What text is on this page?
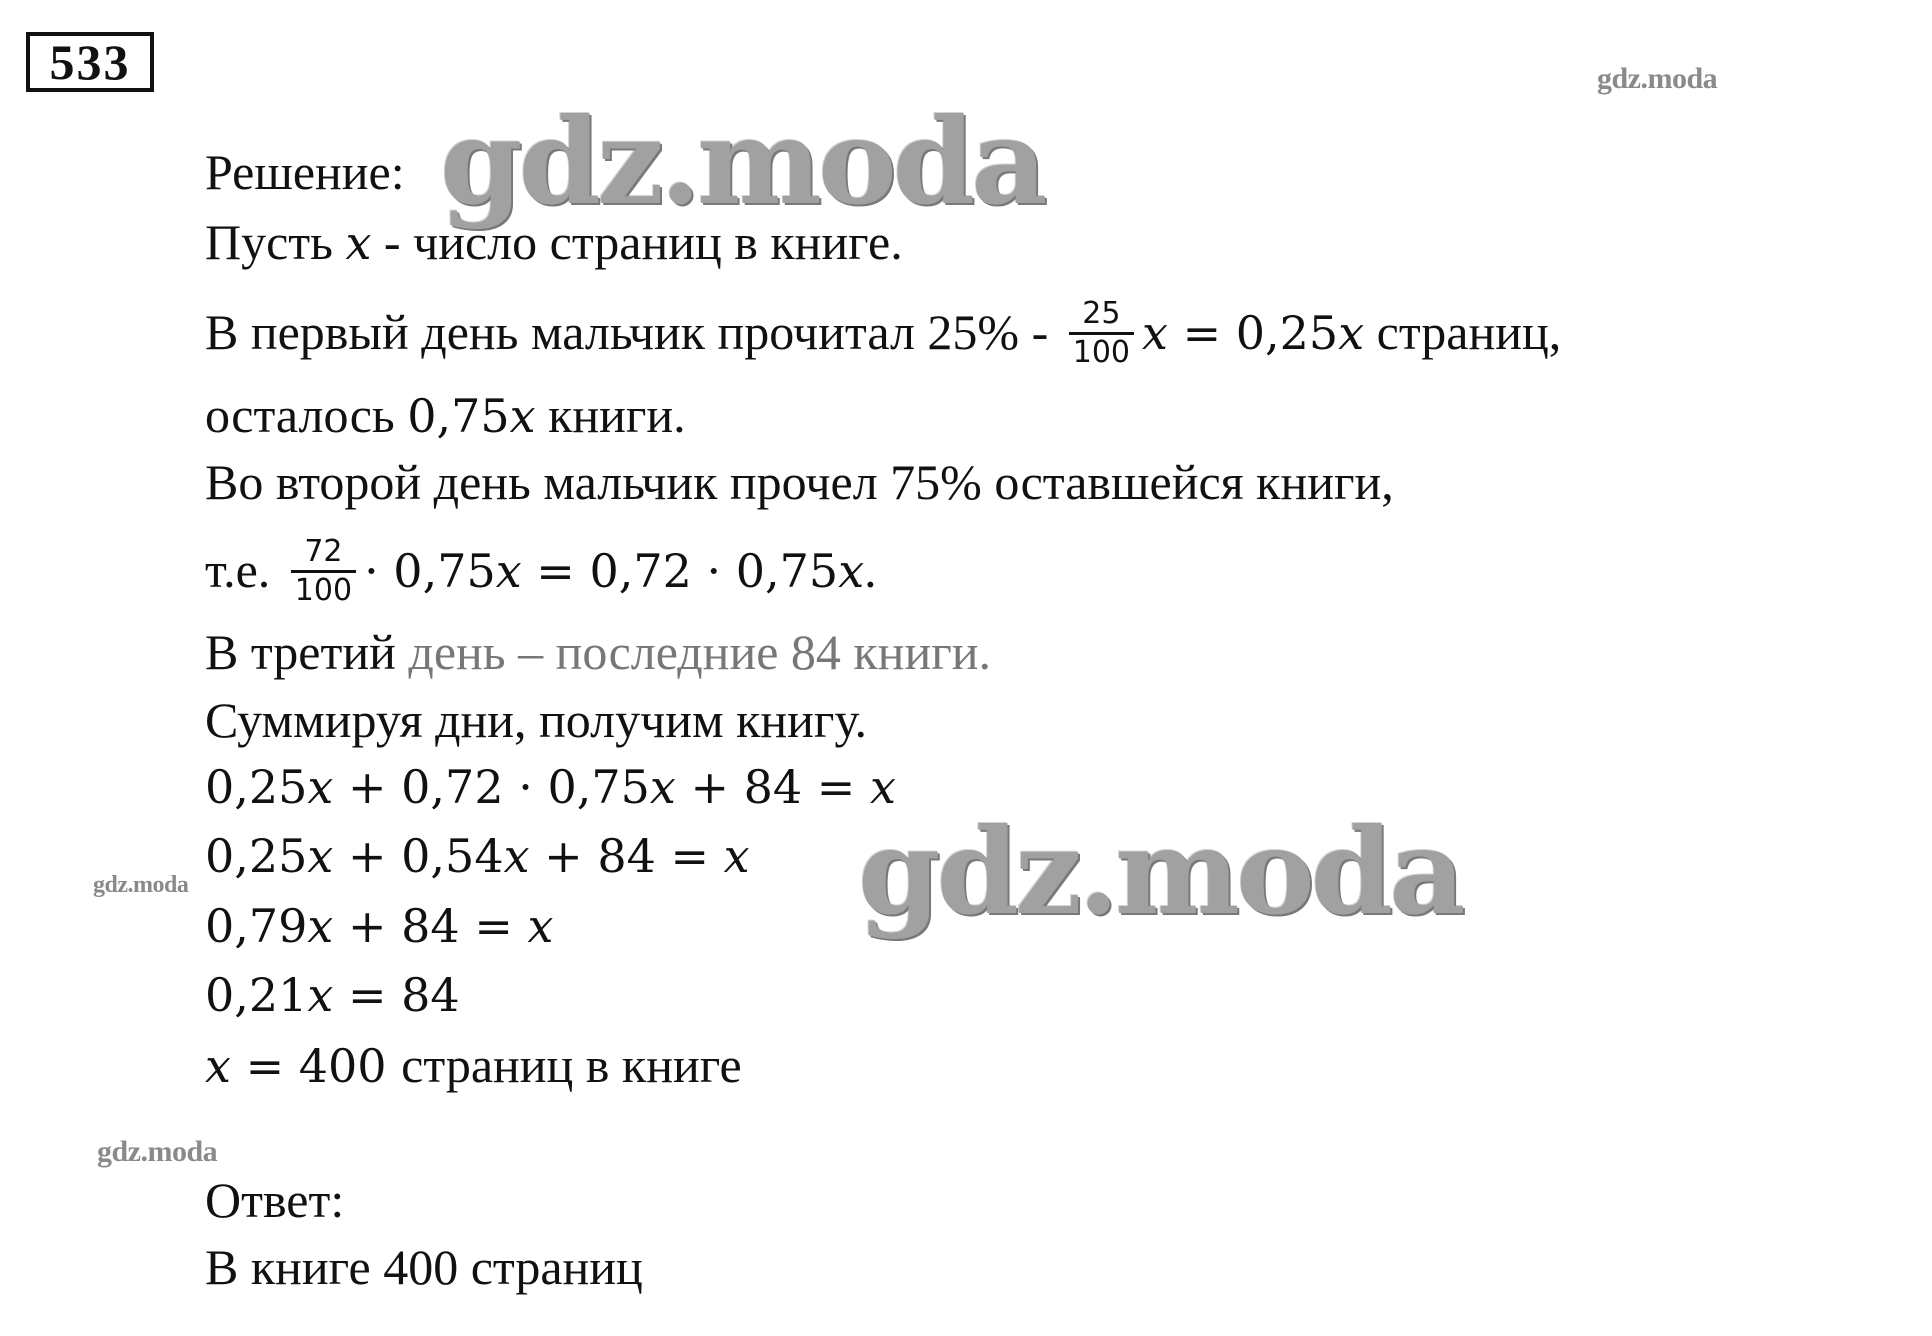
533	gdz.moda
gdz.moda
gdz.moda
Решение:
Пусть x - число страниц в книге.
В первый день мальчик прочитал $25\% - \frac{25}{100}$ x = 0,25x страниц,
осталось 0,75x книги.
Во второй день мальчик прочел 75% оставшейся книги,
т.е. $\frac{72}{100} \cdot 0,75x = 0,72 \cdot 0,75x$.
В третий день – последние 84 книги.
Суммируя дни, получим книгу.
0,25x + 0,72 · 0,75x + 84 = x
0,25x + 0,54x + 84 = x
0,79x + 84 = x
0,21x = 84
x = 400 страниц в книге
Ответ:
В книге 400 страниц
gdz.moda
gdz.moda
